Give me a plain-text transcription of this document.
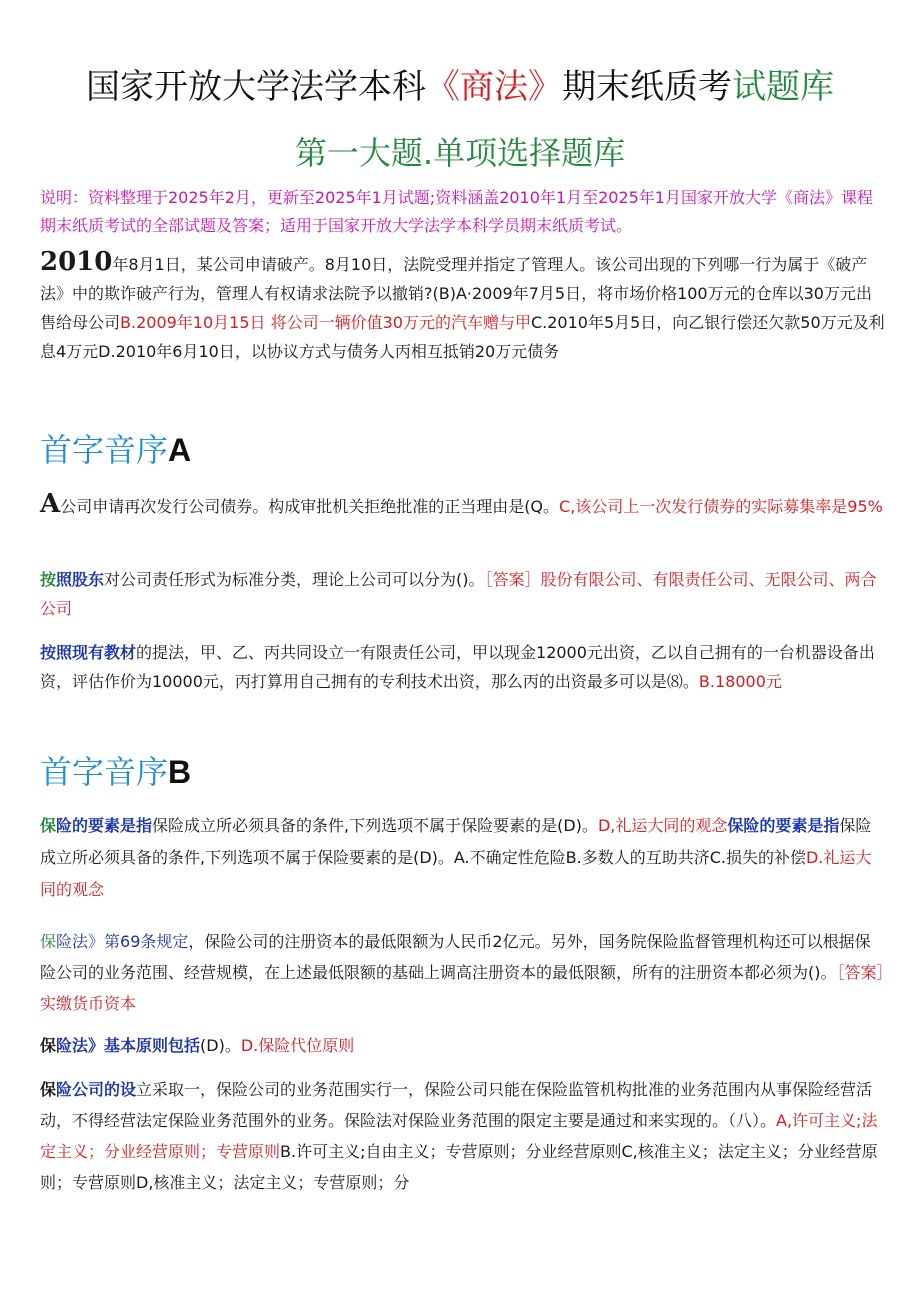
国家开放大学法学本科《商法》期末纸质考试题库
第一大题.单项选择题库
说明：资料整理于2025年2月，更新至2025年1月试题;资料涵盖2010年1月至2025年1月国家开放大学《商法》课程期末纸质考试的全部试题及答案；适用于国家开放大学法学本科学员期末纸质考试。
2010年8月1日，某公司申请破产。8月10日，法院受理并指定了管理人。该公司出现的下列哪一行为属于《破产法》中的欺诈破产行为，管理人有权请求法院予以撤销?(B)A·2009年7月5日，将市场价格100万元的仓库以30万元出售给母公司B.2009年10月15日 将公司一辆价值30万元的汽车赠与甲C.2010年5月5日，向乙银行偿还欠款50万元及利息4万元D.2010年6月10日，以协议方式与债务人丙相互抵销20万元债务
首字音序A
A公司申请再次发行公司债券。构成审批机关拒绝批准的正当理由是(Q。C,该公司上一次发行债券的实际募集率是95%
按照股东对公司责任形式为标准分类，理论上公司可以分为()。［答案］股份有限公司、有限责任公司、无限公司、两合公司
按照现有教材的提法，甲、乙、丙共同设立一有限责任公司，甲以现金12000元出资，乙以自己拥有的一台机器设备出资，评估作价为10000元，丙打算用自己拥有的专利技术出资，那么丙的出资最多可以是⑻。B.18000元
首字音序B
保险的要素是指保险成立所必须具备的条件,下列选项不属于保险要素的是(D)。D,礼运大同的观念保险的要素是指保险成立所必须具备的条件,下列选项不属于保险要素的是(D)。A.不确定性危险B.多数人的互助共济C.损失的补偿D.礼运大同的观念
保险法》第69条规定，保险公司的注册资本的最低限额为人民币2亿元。另外，国务院保险监督管理机构还可以根据保险公司的业务范围、经营规模，在上述最低限额的基础上调高注册资本的最低限额，所有的注册资本都必须为()。［答案］实缴货币资本
保险法》基本原则包括(D)。D.保险代位原则
保险公司的设立采取一，保险公司的业务范围实行一，保险公司只能在保险监管机构批准的业务范围内从事保险经营活动，不得经营法定保险业务范围外的业务。保险法对保险业务范围的限定主要是通过和来实现的。（八）。A,许可主义;法定主义；分业经营原则；专营原则B.许可主义;自由主义；专营原则；分业经营原则C,核准主义；法定主义；分业经营原则；专营原则D,核准主义；法定主义；专营原则；分
